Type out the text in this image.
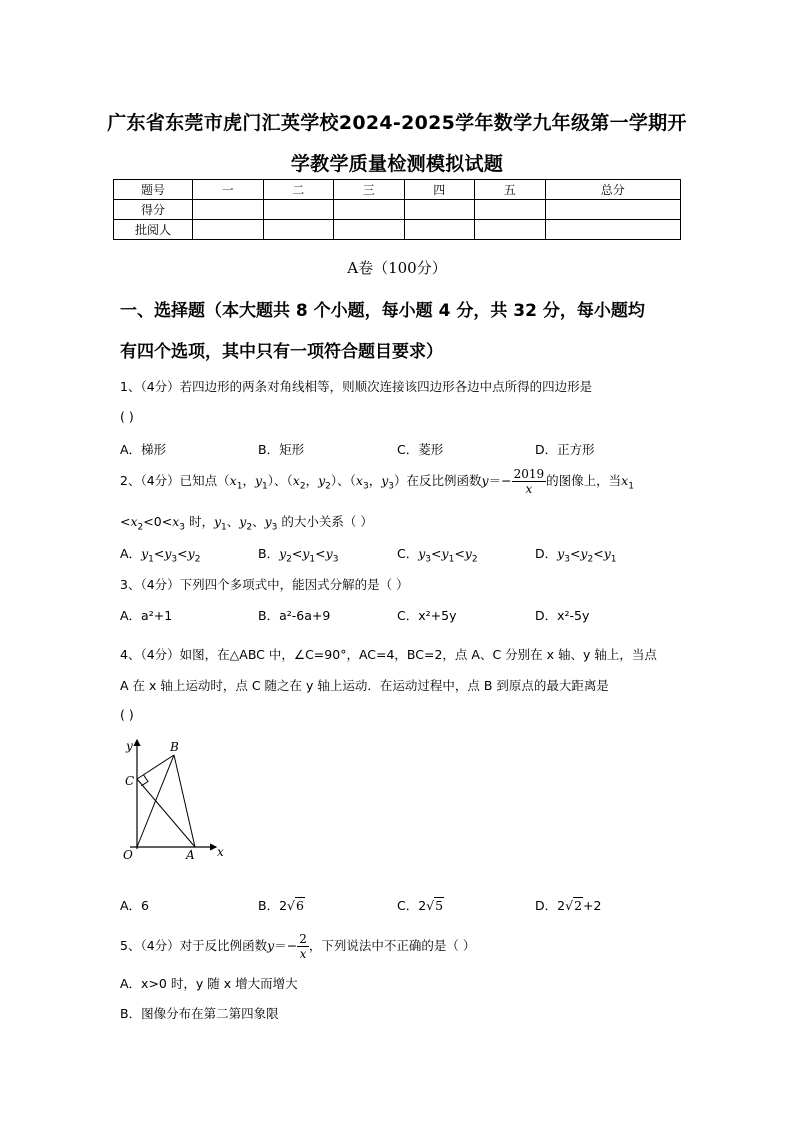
广东省东莞市虎门汇英学校2024-2025学年数学九年级第一学期开
学教学质量检测模拟试题
题号	一	二	三	四	五	总分
得分						
批阅人						
A卷（100分）
一、选择题（本大题共 8 个小题，每小题 4 分，共 32 分，每小题均
有四个选项，其中只有一项符合题目要求）
1、（4分）若四边形的两条对角线相等，则顺次连接该四边形各边中点所得的四边形是
( )
A．梯形	B．矩形	C．菱形	D．正方形
2、（4分）已知点（$x_1$，$y_1$）、（$x_2$，$y_2$）、（$x_3$，$y_3$）在反比例函数$y=- \frac{2019}{x}$ 的图像上，当$x_1$
$<x_2<0<x_3$ 时，$y_1$、$y_2$、$y_3$ 的大小关系（ ）
A．$y_1<y_3<y_2$	B．$y_2<y_1<y_3$	C．$y_3<y_1<y_2$	D．$y_3<y_2<y_1$
3、（4分）下列四个多项式中，能因式分解的是（ ）
A．a²+1	B．a²-6a+9	C．x²+5y	D．x²-5y
4、（4分）如图，在△ABC 中，∠C=90°，AC=4，BC=2，点 A、C 分别在 x 轴、y 轴上，当点
A 在 x 轴上运动时，点 C 随之在 y 轴上运动．在运动过程中，点 B 到原点的最大距离是
( )
y	B
C
O	A x
A．6	B．2√6	C．2√5	D．2√2+2
5、（4分）对于反比例函数$y=- \frac{2}{x}$ ，下列说法中不正确的是（ ）
A．x>0 时，y 随 x 增大而增大
B．图像分布在第二第四象限
